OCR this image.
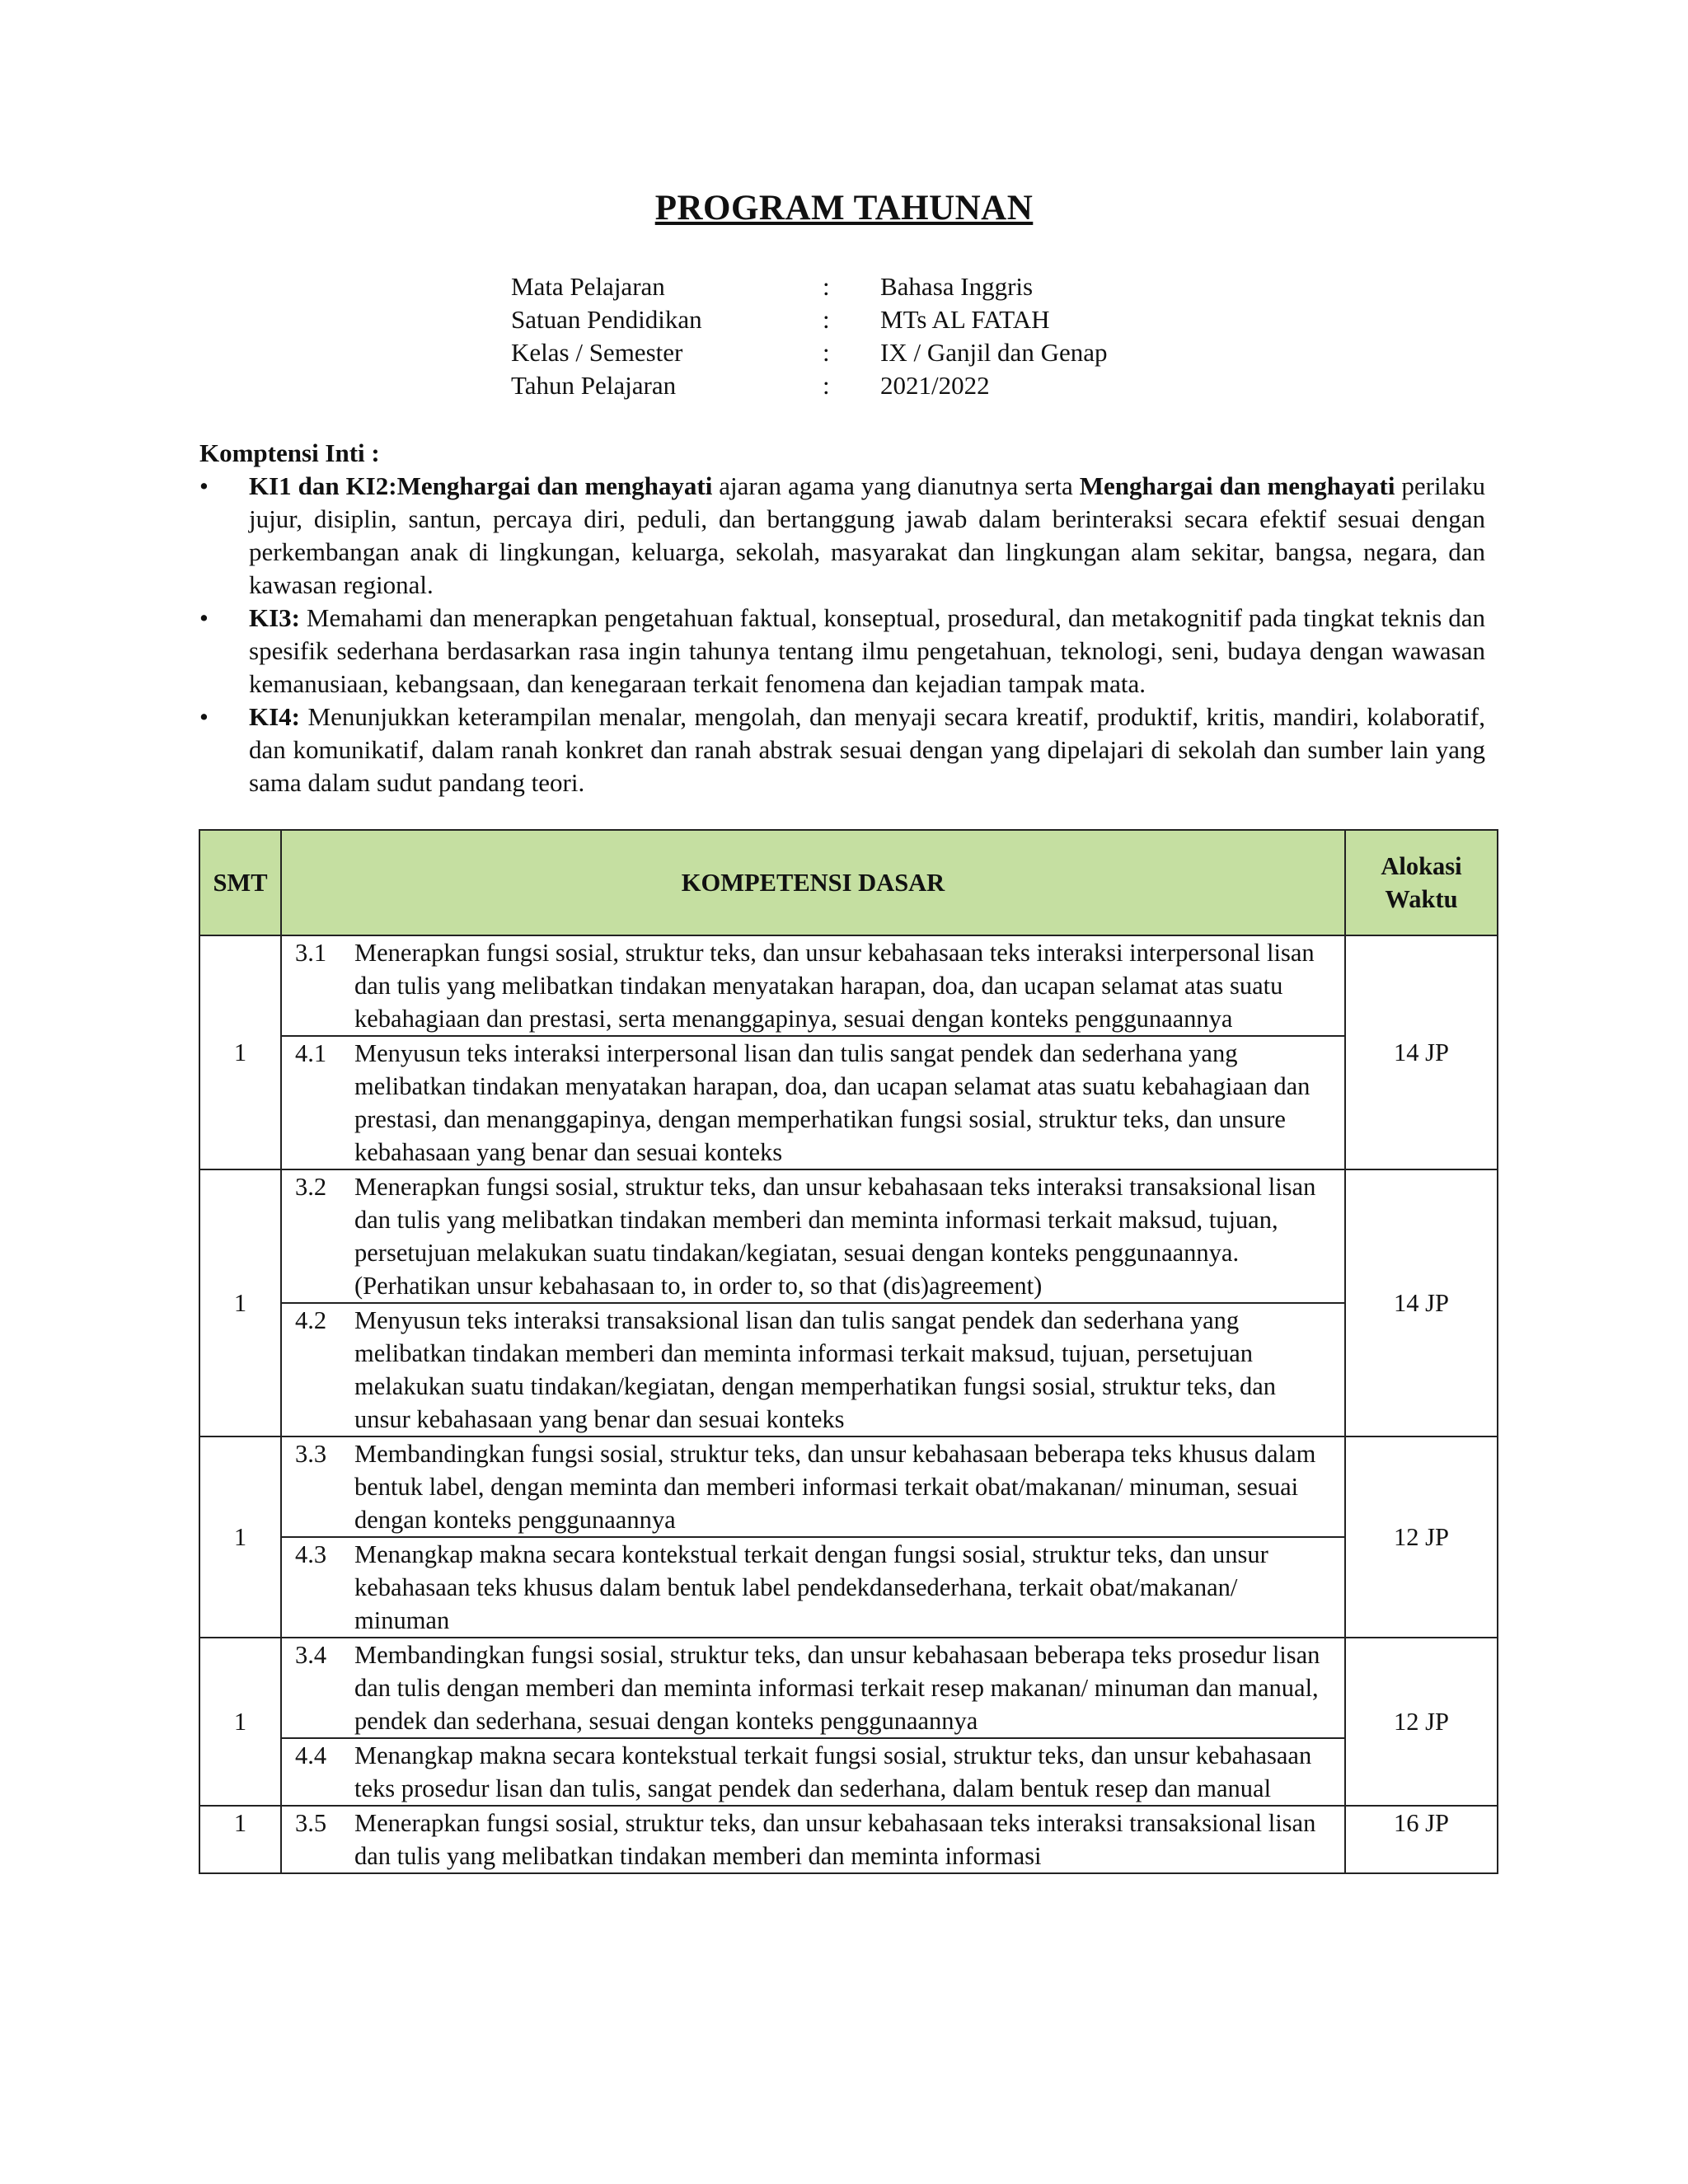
PROGRAM TAHUNAN
Mata Pelajaran	:	Bahasa Inggris
Satuan Pendidikan	:	MTs AL FATAH
Kelas / Semester	:	IX / Ganjil dan Genap
Tahun Pelajaran	:	2021/2022
Komptensi Inti :
• KI1 dan KI2:Menghargai dan menghayati ajaran agama yang dianutnya serta Menghargai dan menghayati perilaku jujur, disiplin, santun, percaya diri, peduli, dan bertanggung jawab dalam berinteraksi secara efektif sesuai dengan perkembangan anak di lingkungan, keluarga, sekolah, masyarakat dan lingkungan alam sekitar, bangsa, negara, dan kawasan regional.
• KI3: Memahami dan menerapkan pengetahuan faktual, konseptual, prosedural, dan metakognitif pada tingkat teknis dan spesifik sederhana berdasarkan rasa ingin tahunya tentang ilmu pengetahuan, teknologi, seni, budaya dengan wawasan kemanusiaan, kebangsaan, dan kenegaraan terkait fenomena dan kejadian tampak mata.
• KI4: Menunjukkan keterampilan menalar, mengolah, dan menyaji secara kreatif, produktif, kritis, mandiri, kolaboratif, dan komunikatif, dalam ranah konkret dan ranah abstrak sesuai dengan yang dipelajari di sekolah dan sumber lain yang sama dalam sudut pandang teori.
SMT	KOMPETENSI DASAR	Alokasi
Waktu
1	3.1 Menerapkan fungsi sosial, struktur teks, dan unsur kebahasaan teks interaksi interpersonal lisan dan tulis yang melibatkan tindakan menyatakan harapan, doa, dan ucapan selamat atas suatu kebahagiaan dan prestasi, serta menanggapinya, sesuai dengan konteks penggunaannya
4.1 Menyusun teks interaksi interpersonal lisan dan tulis sangat pendek dan sederhana yang melibatkan tindakan menyatakan harapan, doa, dan ucapan selamat atas suatu kebahagiaan dan prestasi, dan menanggapinya, dengan memperhatikan fungsi sosial, struktur teks, dan unsure kebahasaan yang benar dan sesuai konteks	14 JP
1	3.2 Menerapkan fungsi sosial, struktur teks, dan unsur kebahasaan teks interaksi transaksional lisan dan tulis yang melibatkan tindakan memberi dan meminta informasi terkait maksud, tujuan, persetujuan melakukan suatu tindakan/kegiatan, sesuai dengan konteks penggunaannya. (Perhatikan unsur kebahasaan to, in order to, so that (dis)agreement)
4.2 Menyusun teks interaksi transaksional lisan dan tulis sangat pendek dan sederhana yang melibatkan tindakan memberi dan meminta informasi terkait maksud, tujuan, persetujuan melakukan suatu tindakan/kegiatan, dengan memperhatikan fungsi sosial, struktur teks, dan unsur kebahasaan yang benar dan sesuai konteks	14 JP
1	3.3 Membandingkan fungsi sosial, struktur teks, dan unsur kebahasaan beberapa teks khusus dalam bentuk label, dengan meminta dan memberi informasi terkait obat/makanan/ minuman, sesuai dengan konteks penggunaannya
4.3 Menangkap makna secara kontekstual terkait dengan fungsi sosial, struktur teks, dan unsur kebahasaan teks khusus dalam bentuk label pendekdansederhana, terkait obat/makanan/ minuman	12 JP
1	3.4 Membandingkan fungsi sosial, struktur teks, dan unsur kebahasaan beberapa teks prosedur lisan dan tulis dengan memberi dan meminta informasi terkait resep makanan/ minuman dan manual, pendek dan sederhana, sesuai dengan konteks penggunaannya
4.4 Menangkap makna secara kontekstual terkait fungsi sosial, struktur teks, dan unsur kebahasaan teks prosedur lisan dan tulis, sangat pendek dan sederhana, dalam bentuk resep dan manual	12 JP
1	3.5 Menerapkan fungsi sosial, struktur teks, dan unsur kebahasaan teks interaksi transaksional lisan dan tulis yang melibatkan tindakan memberi dan meminta informasi	16 JP
